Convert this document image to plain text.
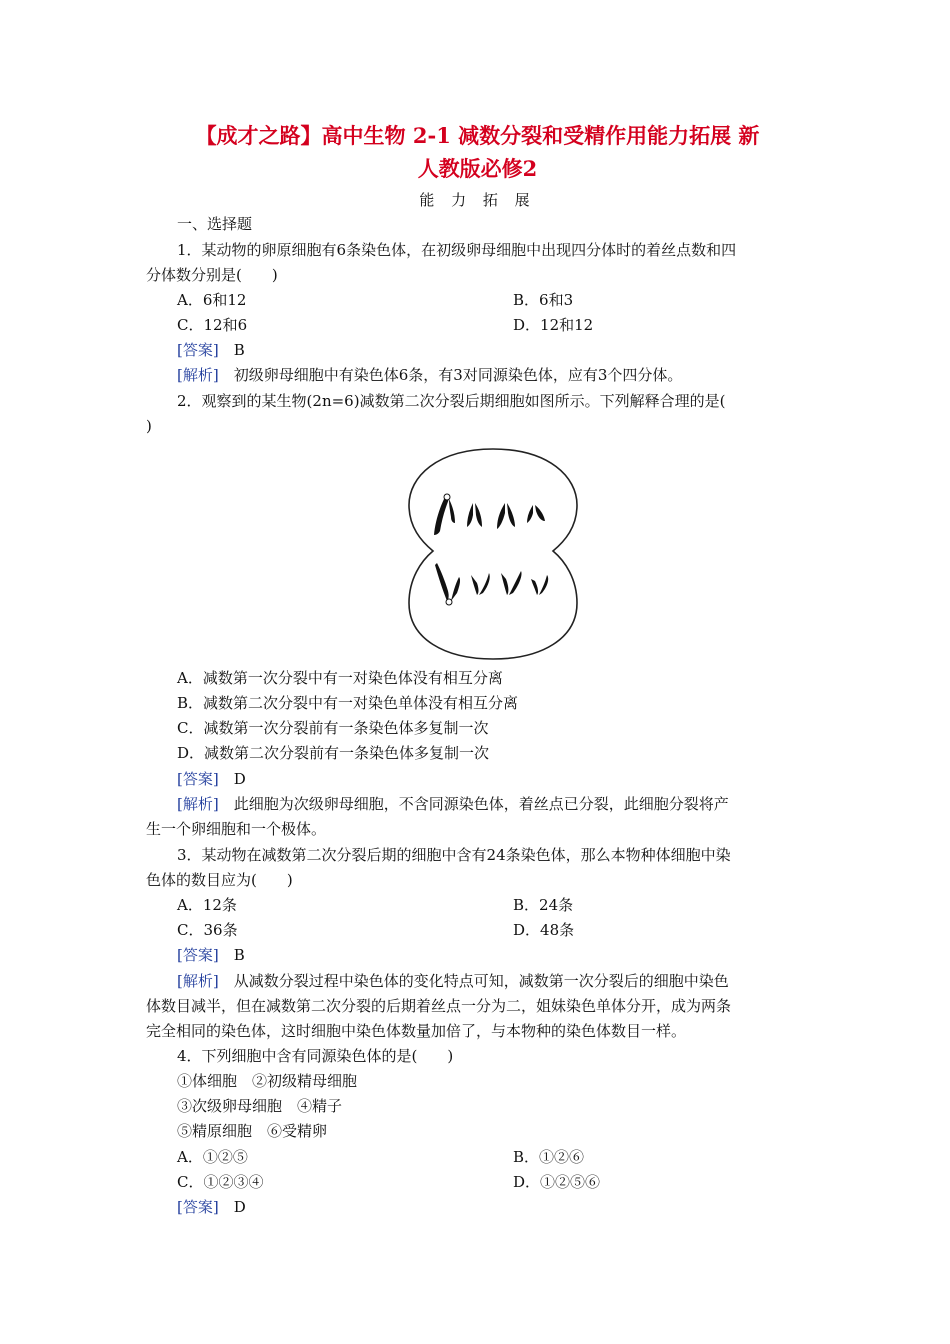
【成才之路】高中生物 2-1 减数分裂和受精作用能力拓展 新
人教版必修2
能 力 拓 展
一、选择题
1．某动物的卵原细胞有6条染色体，在初级卵母细胞中出现四分体时的着丝点数和四
分体数分别是(　　)
A．6和12	B．6和3
C．12和6	D．12和12
[答案]　 B
[解析]　 初级卵母细胞中有染色体6条，有3对同源染色体，应有3个四分体。
2．观察到的某生物(2n=6)减数第二次分裂后期细胞如图所示。下列解释合理的是(
)
A．减数第一次分裂中有一对染色体没有相互分离
B．减数第二次分裂中有一对染色单体没有相互分离
C．减数第一次分裂前有一条染色体多复制一次
D．减数第二次分裂前有一条染色体多复制一次
[答案]　 D
[解析]　 此细胞为次级卵母细胞，不含同源染色体，着丝点已分裂，此细胞分裂将产
生一个卵细胞和一个极体。
3．某动物在减数第二次分裂后期的细胞中含有24条染色体，那么本物种体细胞中染
色体的数目应为(　　)
A．12条	B．24条
C．36条	D．48条
[答案]　 B
[解析]　 从减数分裂过程中染色体的变化特点可知，减数第一次分裂后的细胞中染色
体数目减半，但在减数第二次分裂的后期着丝点一分为二，姐妹染色单体分开，成为两条
完全相同的染色体，这时细胞中染色体数量加倍了，与本物种的染色体数目一样。
4．下列细胞中含有同源染色体的是(　　)
①体细胞　②初级精母细胞
③次级卵母细胞　④精子
⑤精原细胞　⑥受精卵
A．①②⑤	B．①②⑥
C．①②③④	D．①②⑤⑥
[答案]　 D
